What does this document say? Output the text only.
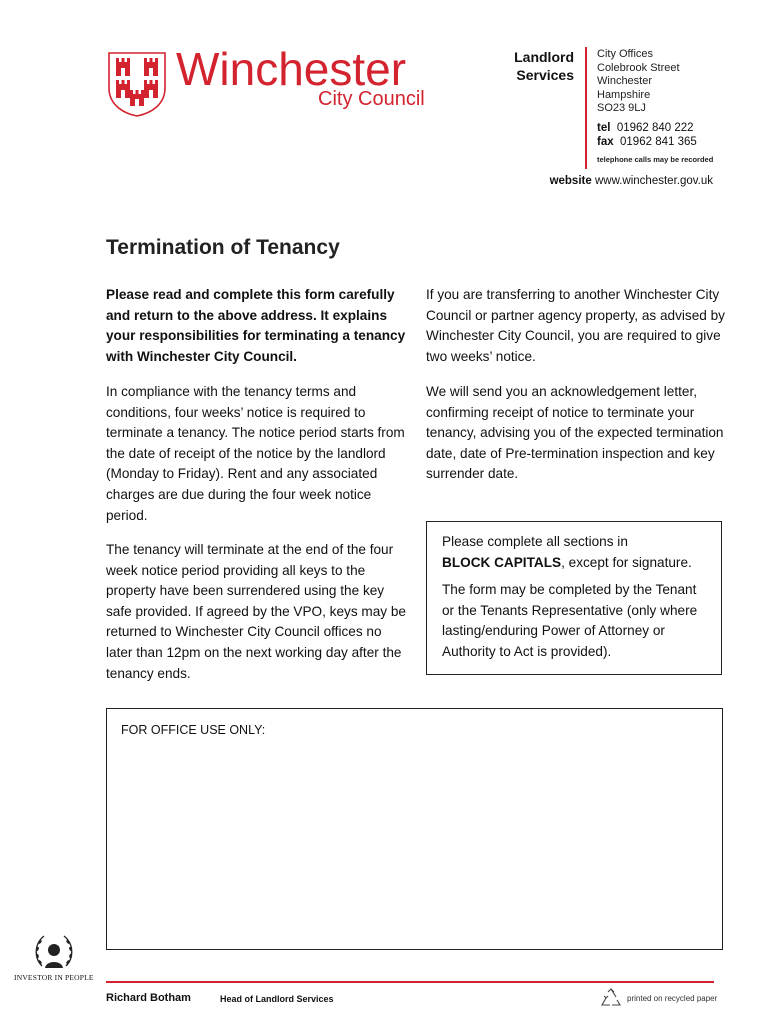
Winchester
City Council
Landlord
Services
City Offices
Colebrook Street
Winchester
Hampshire
SO23 9LJ
tel 01962 840 222
fax 01962 841 365
telephone calls may be recorded
website www.winchester.gov.uk
Termination of Tenancy
Please read and complete this form carefully and return to the above address. It explains your responsibilities for terminating a tenancy with Winchester City Council.
In compliance with the tenancy terms and conditions, four weeks’ notice is required to terminate a tenancy. The notice period starts from the date of receipt of the notice by the landlord (Monday to Friday). Rent and any associated charges are due during the four week notice period.
The tenancy will terminate at the end of the four week notice period providing all keys to the property have been surrendered using the key safe provided. If agreed by the VPO, keys may be returned to Winchester City Council offices no later than 12pm on the next working day after the tenancy ends.
If you are transferring to another Winchester City Council or partner agency property, as advised by Winchester City Council, you are required to give two weeks’ notice.
We will send you an acknowledgement letter, confirming receipt of notice to terminate your tenancy, advising you of the expected termination date, date of Pre-termination inspection and key surrender date.
Please complete all sections in
BLOCK CAPITALS, except for signature.
The form may be completed by the Tenant or the Tenants Representative (only where lasting/enduring Power of Attorney or Authority to Act is provided).
FOR OFFICE USE ONLY:
INVESTOR IN PEOPLE
Richard Botham	Head of Landlord Services	printed on recycled paper
